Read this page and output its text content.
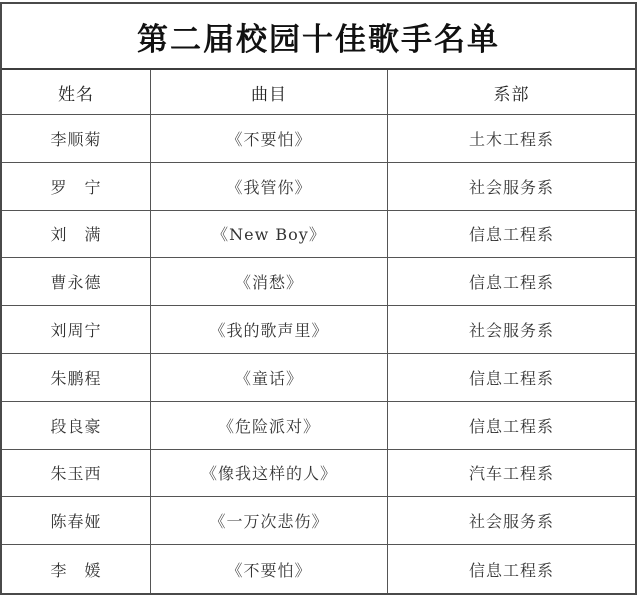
第二届校园十佳歌手名单
姓名	曲目	系部
李顺菊	《不要怕》	土木工程系
罗　宁	《我管你》	社会服务系
刘　满	《New Boy》	信息工程系
曹永德	《消愁》	信息工程系
刘周宁	《我的歌声里》	社会服务系
朱鹏程	《童话》	信息工程系
段良豪	《危险派对》	信息工程系
朱玉西	《像我这样的人》	汽车工程系
陈春娅	《一万次悲伤》	社会服务系
李　媛	《不要怕》	信息工程系
